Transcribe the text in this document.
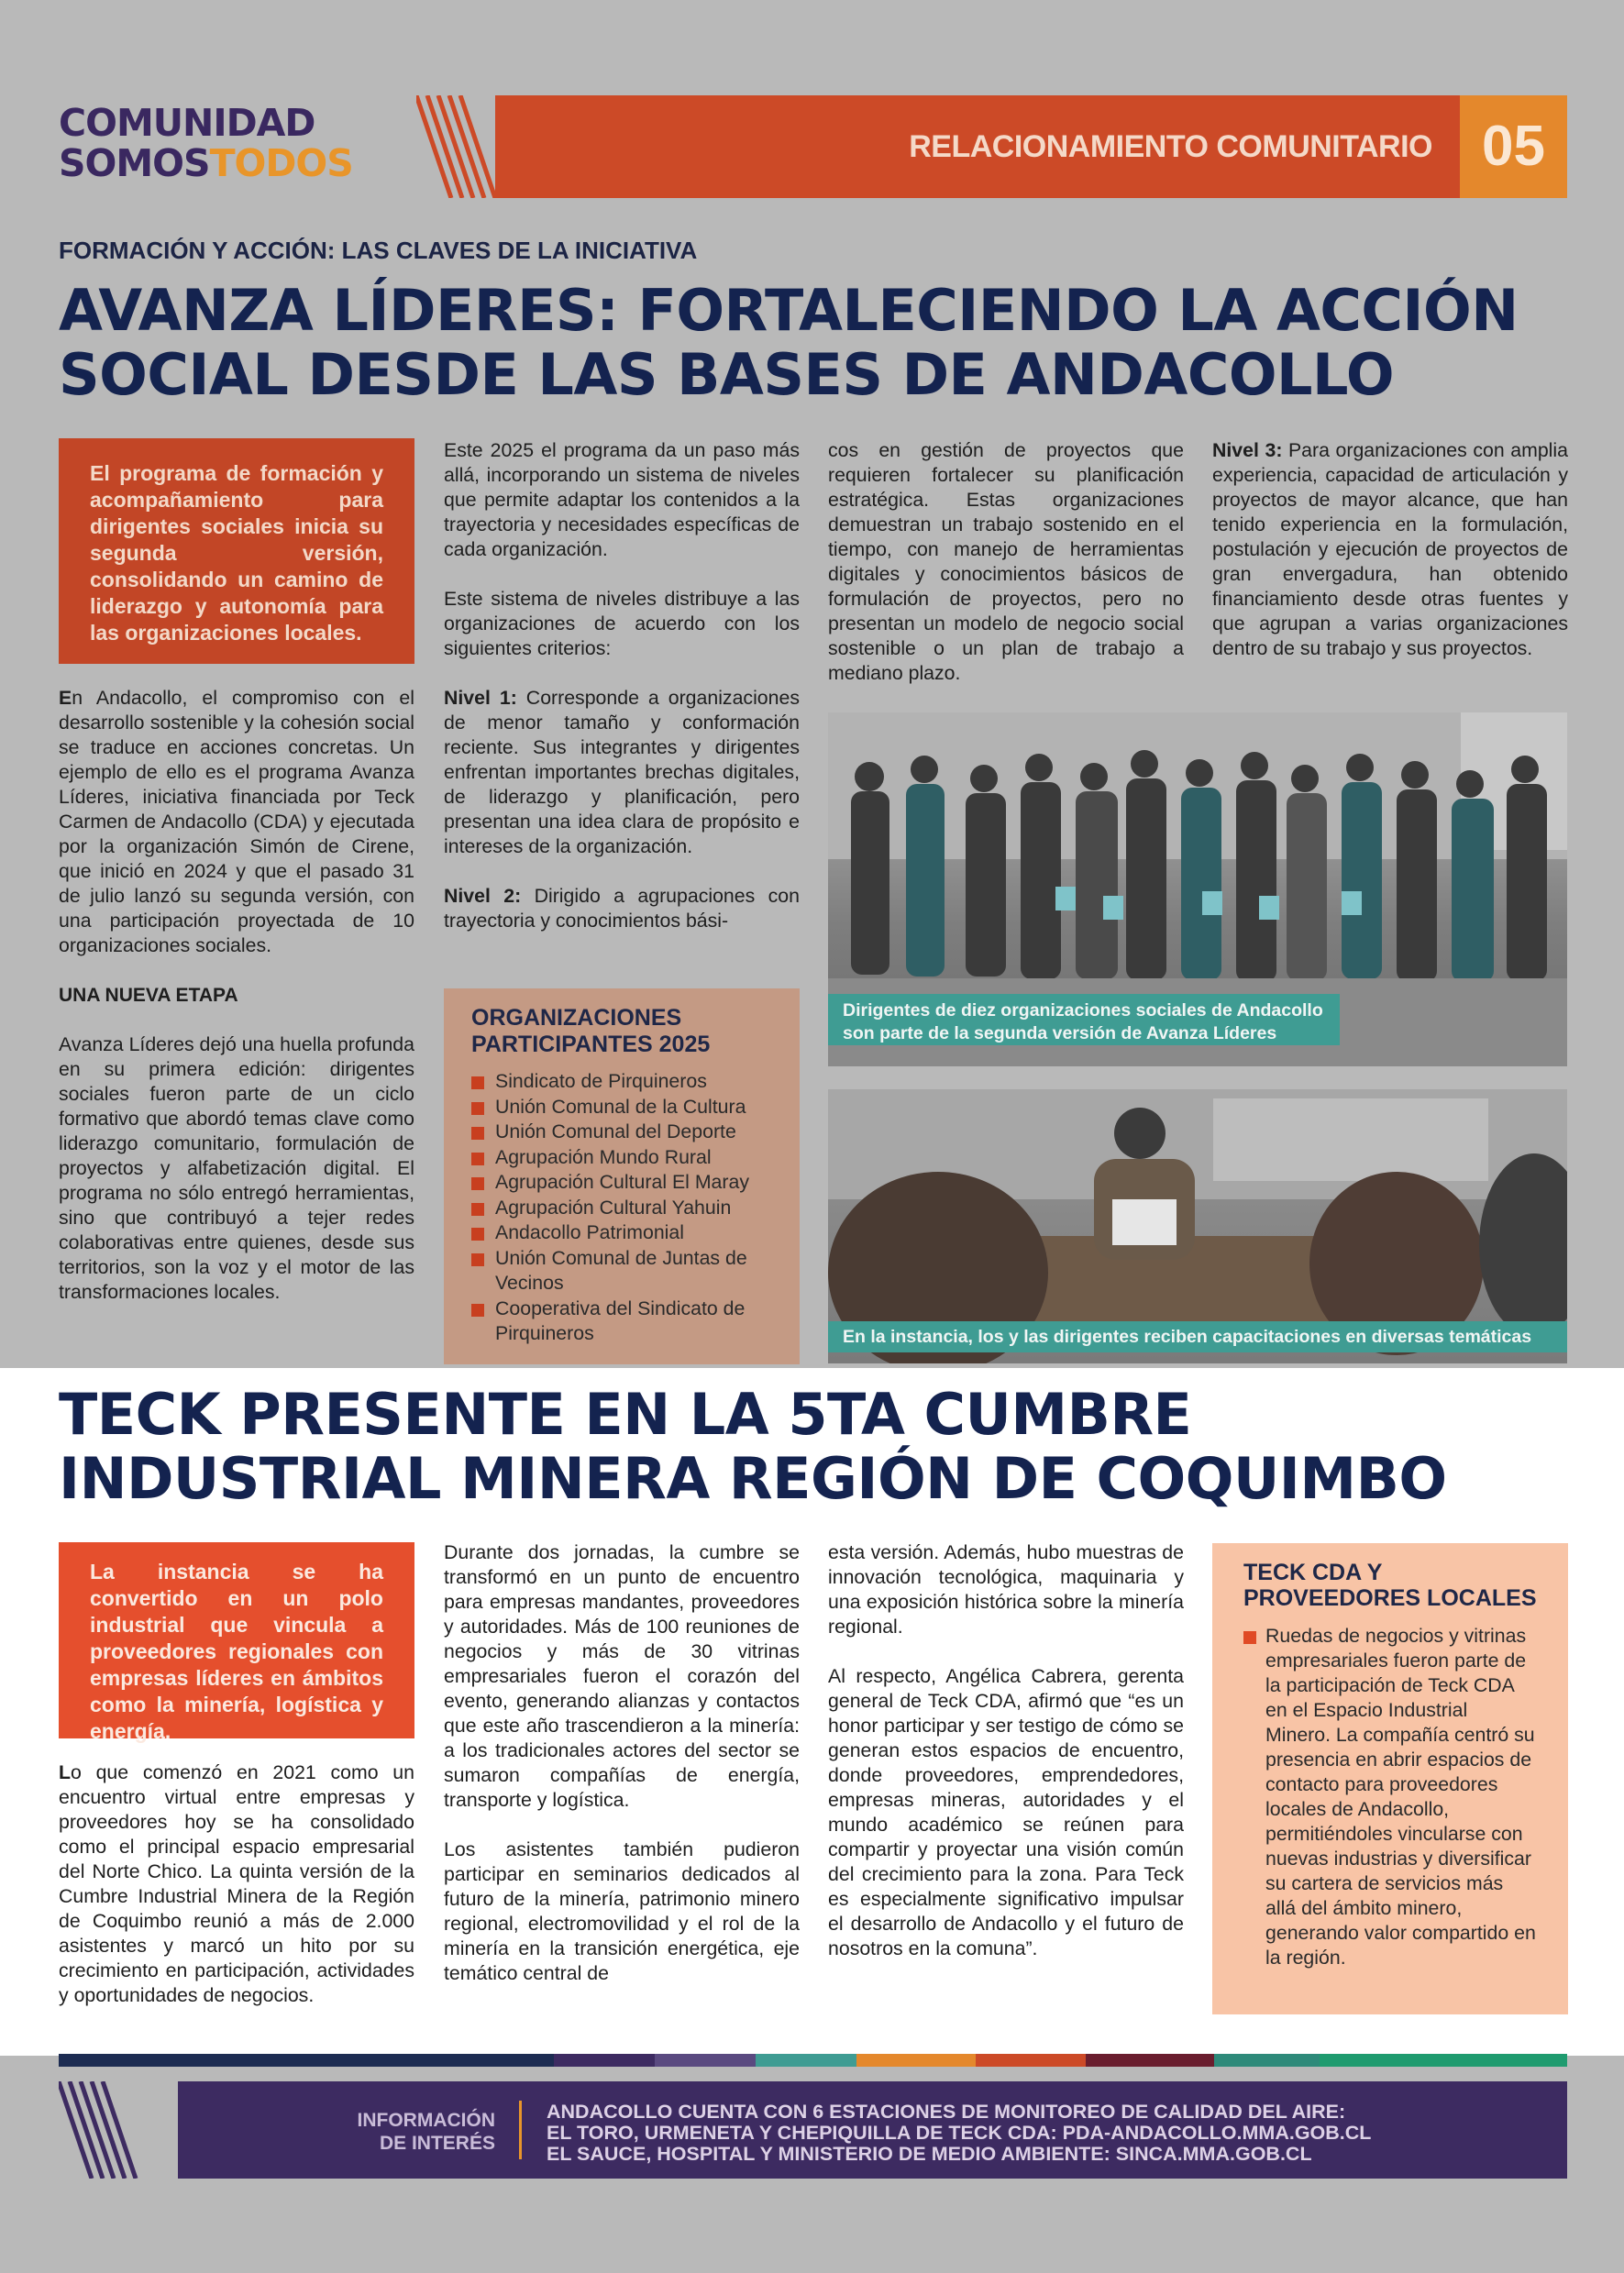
COMUNIDAD
SOMOSTODOS	RELACIONAMIENTO COMUNITARIO 05
FORMACIÓN Y ACCIÓN: LAS CLAVES DE LA INICIATIVA
AVANZA LÍDERES: FORTALECIENDO LA ACCIÓN
SOCIAL DESDE LAS BASES DE ANDACOLLO
El programa de formación y acompañamiento para dirigentes sociales inicia su segunda versión, consolidando un camino de liderazgo y autonomía para las organizaciones locales.

En Andacollo, el compromiso con el desarrollo sostenible y la cohesión social se traduce en acciones concretas. Un ejemplo de ello es el programa Avanza Líderes, iniciativa financiada por Teck Carmen de Andacollo (CDA) y ejecutada por la organización Simón de Cirene, que inició en 2024 y que el pasado 31 de julio lanzó su segunda versión, con una participación proyectada de 10 organizaciones sociales.

UNA NUEVA ETAPA

Avanza Líderes dejó una huella profunda en su primera edición: dirigentes sociales fueron parte de un ciclo formativo que abordó temas clave como liderazgo comunitario, formulación de proyectos y alfabetización digital. El programa no sólo entregó herramientas, sino que contribuyó a tejer redes colaborativas entre quienes, desde sus territorios, son la voz y el motor de las transformaciones locales.

Este 2025 el programa da un paso más allá, incorporando un sistema de niveles que permite adaptar los contenidos a la trayectoria y necesidades específicas de cada organización.

Este sistema de niveles distribuye a las organizaciones de acuerdo con los siguientes criterios:

Nivel 1: Corresponde a organizaciones de menor tamaño y conformación reciente. Sus integrantes y dirigentes enfrentan importantes brechas digitales, de liderazgo y planificación, pero presentan una idea clara de propósito e intereses de la organización.

Nivel 2: Dirigido a agrupaciones con trayectoria y conocimientos bási-

ORGANIZACIONES PARTICIPANTES 2025
Sindicato de Pirquineros
Unión Comunal de la Cultura
Unión Comunal del Deporte
Agrupación Mundo Rural
Agrupación Cultural El Maray
Agrupación Cultural Yahuin
Andacollo Patrimonial
Unión Comunal de Juntas de Vecinos
Cooperativa del Sindicato de Pirquineros

cos en gestión de proyectos que requieren fortalecer su planificación estratégica. Estas organizaciones demuestran un trabajo sostenido en el tiempo, con manejo de herramientas digitales y conocimientos básicos de formulación de proyectos, pero no presentan un modelo de negocio social sostenible o un plan de trabajo a mediano plazo.

Nivel 3: Para organizaciones con amplia experiencia, capacidad de articulación y proyectos de mayor alcance, que han tenido experiencia en la formulación, postulación y ejecución de proyectos de gran envergadura, han obtenido financiamiento desde otras fuentes y que agrupan a varias organizaciones dentro de su trabajo y sus proyectos.

Dirigentes de diez organizaciones sociales de Andacollo son parte de la segunda versión de Avanza Líderes
En la instancia, los y las dirigentes reciben capacitaciones en diversas temáticas
TECK PRESENTE EN LA 5TA CUMBRE
INDUSTRIAL MINERA REGIÓN DE COQUIMBO
La instancia se ha convertido en un polo industrial que vincula a proveedores regionales con empresas líderes en ámbitos como la minería, logística y energía.

Lo que comenzó en 2021 como un encuentro virtual entre empresas y proveedores hoy se ha consolidado como el principal espacio empresarial del Norte Chico. La quinta versión de la Cumbre Industrial Minera de la Región de Coquimbo reunió a más de 2.000 asistentes y marcó un hito por su crecimiento en participación, actividades y oportunidades de negocios.

Durante dos jornadas, la cumbre se transformó en un punto de encuentro para empresas mandantes, proveedores y autoridades. Más de 100 reuniones de negocios y más de 30 vitrinas empresariales fueron el corazón del evento, generando alianzas y contactos que este año trascendieron a la minería: a los tradicionales actores del sector se sumaron compañías de energía, transporte y logística.

Los asistentes también pudieron participar en seminarios dedicados al futuro de la minería, patrimonio minero regional, electromovilidad y el rol de la minería en la transición energética, eje temático central de

esta versión. Además, hubo muestras de innovación tecnológica, maquinaria y una exposición histórica sobre la minería regional.

Al respecto, Angélica Cabrera, gerenta general de Teck CDA, afirmó que “es un honor participar y ser testigo de cómo se generan estos espacios de encuentro, donde proveedores, emprendedores, empresas mineras, autoridades y el mundo académico se reúnen para compartir y proyectar una visión común del crecimiento para la zona. Para Teck es especialmente significativo impulsar el desarrollo de Andacollo y el futuro de nosotros en la comuna”.

TECK CDA Y PROVEEDORES LOCALES

Ruedas de negocios y vitrinas empresariales fueron parte de la participación de Teck CDA en el Espacio Industrial Minero. La compañía centró su presencia en abrir espacios de contacto para proveedores locales de Andacollo, permitiéndoles vincularse con nuevas industrias y diversificar su cartera de servicios más allá del ámbito minero, generando valor compartido en la región.

INFORMACIÓN
DE INTERÉS
ANDACOLLO CUENTA CON 6 ESTACIONES DE MONITOREO DE CALIDAD DEL AIRE:
EL TORO, URMENETA Y CHEPIQUILLA DE TECK CDA: PDA-ANDACOLLO.MMA.GOB.CL
EL SAUCE, HOSPITAL Y MINISTERIO DE MEDIO AMBIENTE: SINCA.MMA.GOB.CL
